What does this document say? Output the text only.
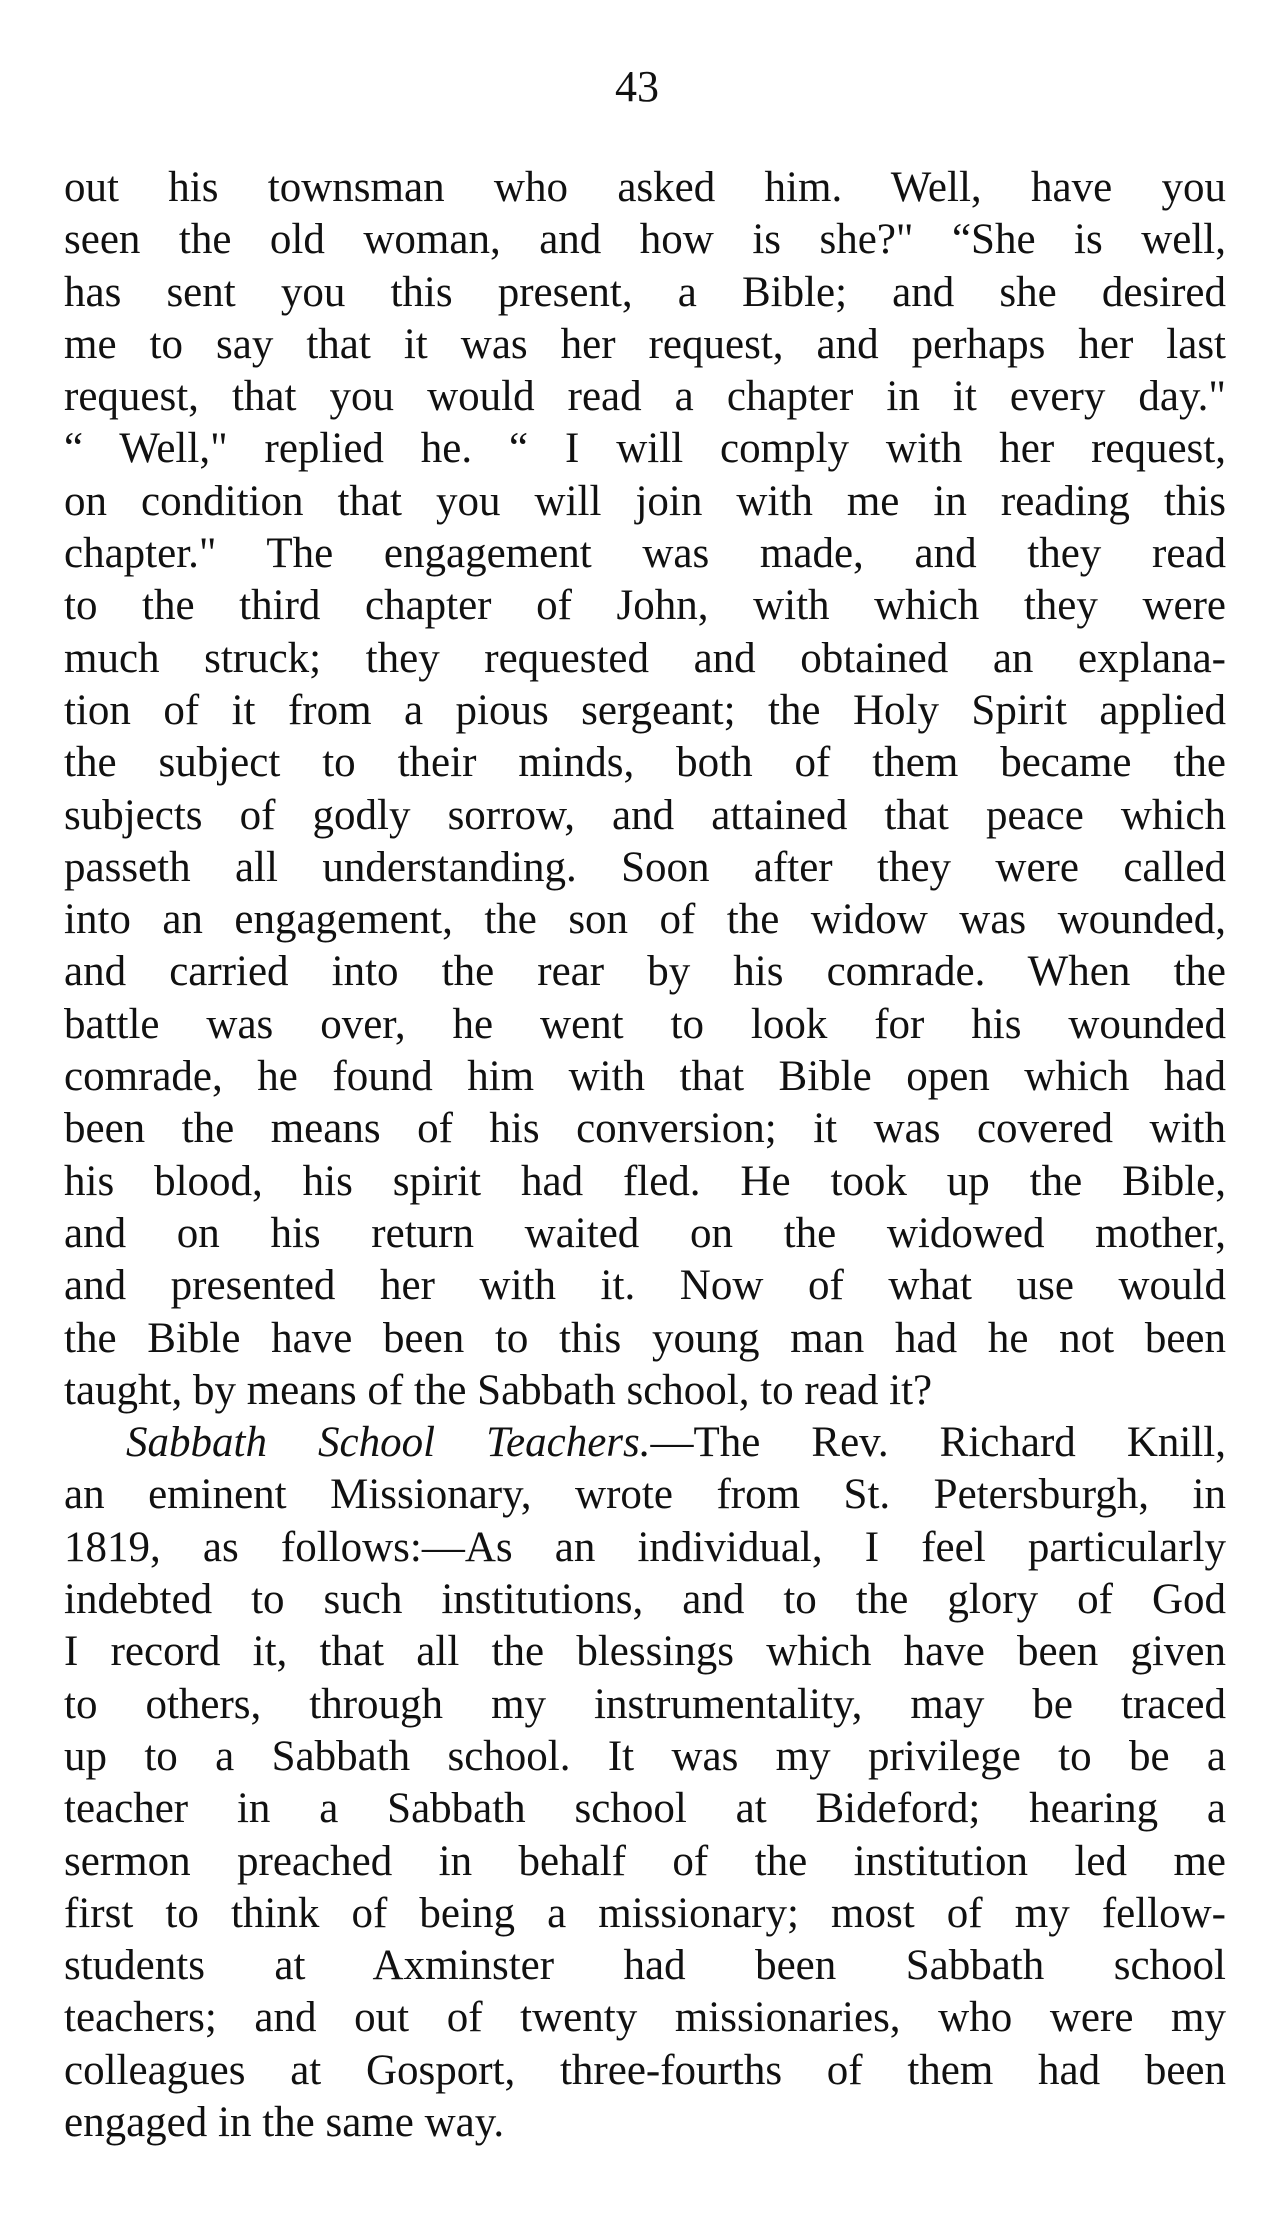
43
out his townsman who asked him. Well, have you
seen the old woman, and how is she?" “She is well,
has sent you this present, a Bible; and she desired
me to say that it was her request, and perhaps her last
request, that you would read a chapter in it every day."
“ Well," replied he. “ I will comply with her request,
on condition that you will join with me in reading this
chapter." The engagement was made, and they read
to the third chapter of John, with which they were
much struck; they requested and obtained an explana-
tion of it from a pious sergeant; the Holy Spirit applied
the subject to their minds, both of them became the
subjects of godly sorrow, and attained that peace which
passeth all understanding. Soon after they were called
into an engagement, the son of the widow was wounded,
and carried into the rear by his comrade. When the
battle was over, he went to look for his wounded
comrade, he found him with that Bible open which had
been the means of his conversion; it was covered with
his blood, his spirit had fled. He took up the Bible,
and on his return waited on the widowed mother,
and presented her with it. Now of what use would
the Bible have been to this young man had he not been
taught, by means of the Sabbath school, to read it?
Sabbath School Teachers.—The Rev. Richard Knill,
an eminent Missionary, wrote from St. Petersburgh, in
1819, as follows:—As an individual, I feel particularly
indebted to such institutions, and to the glory of God
I record it, that all the blessings which have been given
to others, through my instrumentality, may be traced
up to a Sabbath school. It was my privilege to be a
teacher in a Sabbath school at Bideford; hearing a
sermon preached in behalf of the institution led me
first to think of being a missionary; most of my fellow-
students at Axminster had been Sabbath school
teachers; and out of twenty missionaries, who were my
colleagues at Gosport, three-fourths of them had been
engaged in the same way.
